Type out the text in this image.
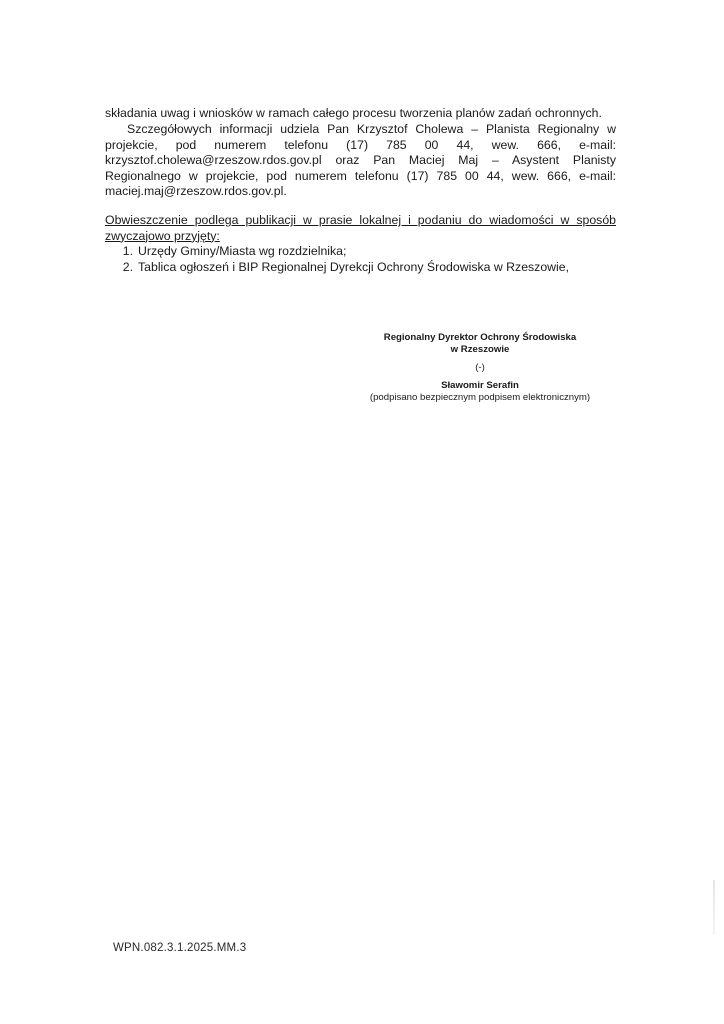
składania uwag i wniosków w ramach całego procesu tworzenia planów zadań ochronnych.
Szczegółowych informacji udziela Pan Krzysztof Cholewa – Planista Regionalny w projekcie, pod numerem telefonu (17) 785 00 44, wew. 666, e-mail: krzysztof.cholewa@rzeszow.rdos.gov.pl oraz Pan Maciej Maj – Asystent Planisty Regionalnego w projekcie, pod numerem telefonu (17) 785 00 44, wew. 666, e-mail: maciej.maj@rzeszow.rdos.gov.pl.

Obwieszczenie podlega publikacji w prasie lokalnej i podaniu do wiadomości w sposób zwyczajowo przyjęty:

1. Urzędy Gminy/Miasta wg rozdzielnika;
2. Tablica ogłoszeń i BIP Regionalnej Dyrekcji Ochrony Środowiska w Rzeszowie,
Regionalny Dyrektor Ochrony Środowiska
w Rzeszowie
(-)
Sławomir Serafin
(podpisano bezpiecznym podpisem elektronicznym)
WPN.082.3.1.2025.MM.3
